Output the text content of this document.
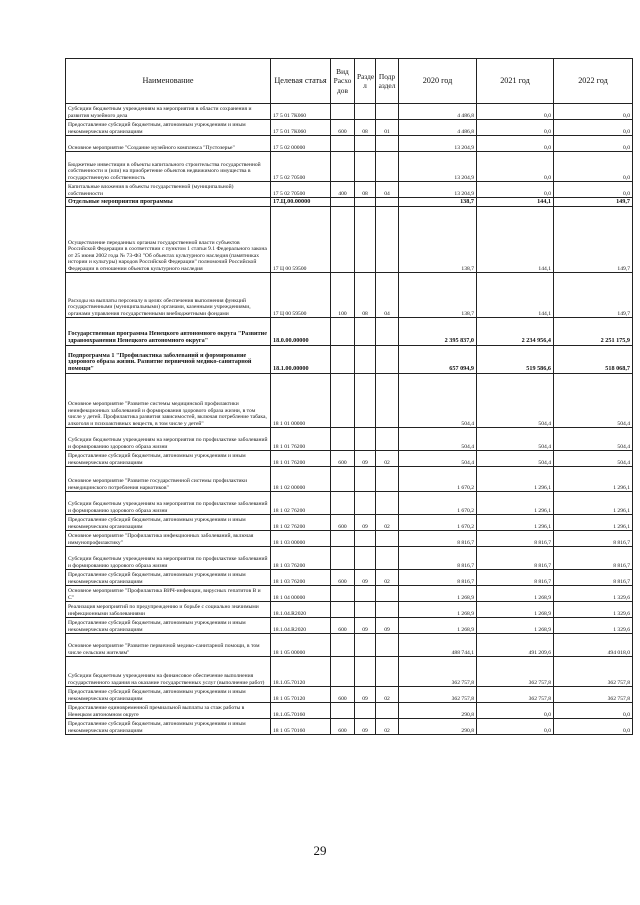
Наименование	Целевая статья	Вид Расхо дов	Разде л	Подр аздел	2020 год	2021 год	2022 год
Субсидии бюджетным учреждениям на мероприятия в области сохранения и развития музейного дела	17 5 01 7К060				4 486,8	0,0	0,0
Предоставление субсидий бюджетным, автономным учреждениям и иным некоммерческим организациям	17 5 01 7К060	600	08	01	4 486,8	0,0	0,0
Основное мероприятие "Создание музейного комплекса "Пустозерье"	17 5 02 00000				13 204,9	0,0	0,0
Бюджетные инвестиции в объекты капитального строительства государственной собственности и (или) на приобретение объектов недвижимого имущества в государственную собственность	17 5 02 70500				13 204,9	0,0	0,0
Капитальные вложения в объекты государственной (муниципальной) собственности	17 5 02 70500	400	08	04	13 204,9	0,0	0,0
Отдельные мероприятия программы	17.Ц.00.00000				138,7	144,1	149,7
Осуществление переданных органам государственной власти субъектов Российской Федерации в соответствии с пунктом 1 статьи 9.1 Федерального закона от 25 июня 2002 года № 73-ФЗ "Об объектах культурного наследия (памятниках истории и культуры) народов Российской Федерации" полномочий Российской Федерации в отношении объектов культурного наследия	17 Ц 00 59500				138,7	144,1	149,7
Расходы на выплаты персоналу в целях обеспечения выполнения функций государственными (муниципальными) органами, казенными учреждениями, органами управления государственными внебюджетными фондами	17 Ц 00 59500	100	08	04	138,7	144,1	149,7
Государственная программа Ненецкого автономного округа "Развитие здравоохранения Ненецкого автономного округа"	18.0.00.00000				2 395 837,0	2 234 956,4	2 251 175,9
Подпрограмма 1 "Профилактика заболеваний и формирование здорового образа жизни. Развитие первичной медико-санитарной помощи"	18.1.00.00000				657 094,9	519 586,6	518 068,7
Основное мероприятие "Развитие системы медицинской профилактики неинфекционных заболеваний и формирования здорового образа жизни, в том числе у детей. Профилактика развития зависимостей, включая потребление табака, алкоголя и психоактивных веществ, в том числе у детей"	18 1 01 00000				504,4	504,4	504,4
Субсидии бюджетным учреждениям на мероприятия по профилактике заболеваний и формированию здорового образа жизни	18 1 01 76200				504,4	504,4	504,4
Предоставление субсидий бюджетным, автономным учреждениям и иным некоммерческим организациям	18 1 01 76200	600	09	02	504,4	504,4	504,4
Основное мероприятие "Развитие государственной системы профилактики немедицинского потребления наркотиков"	18 1 02 00000				1 670,2	1 296,1	1 296,1
Субсидии бюджетным учреждениям на мероприятия по профилактике заболеваний и формированию здорового образа жизни	18 1 02 76200				1 670,2	1 296,1	1 296,1
Предоставление субсидий бюджетным, автономным учреждениям и иным некоммерческим организациям	18 1 02 76200	600	09	02	1 670,2	1 296,1	1 296,1
Основное мероприятие "Профилактика инфекционных заболеваний, включая иммунопрофилактику"	18 1 03 00000				8 816,7	8 816,7	8 816,7
Субсидии бюджетным учреждениям на мероприятия по профилактике заболеваний и формированию здорового образа жизни	18 1 03 76200				8 816,7	8 816,7	8 816,7
Предоставление субсидий бюджетным, автономным учреждениям и иным некоммерческим организациям	18 1 03 76200	600	09	02	8 816,7	8 816,7	8 816,7
Основное мероприятие "Профилактика ВИЧ-инфекции, вирусных гепатитов В и С"	18 1 04 00000				1 268,9	1 268,9	1 329,6
Реализация мероприятий по предупреждению и борьбе с социально значимыми инфекционными заболеваниями	18.1.04.R2020				1 268,9	1 268,9	1 329,6
Предоставление субсидий бюджетным, автономным учреждениям и иным некоммерческим организациям	18.1.04.R2020	600	09	09	1 268,9	1 268,9	1 329,6
Основное мероприятие "Развитие первичной медико-санитарной помощи, в том числе сельским жителям"	18 1 05 00000				488 744,1	491 209,6	494 018,0
Субсидии бюджетным учреждениям на финансовое обеспечение выполнения государственного задания на оказание государственных услуг (выполнение работ)	18.1.05.70120				362 757,8	362 757,8	362 757,8
Предоставление субсидий бюджетным, автономным учреждениям и иным некоммерческим организациям	18 1 05 70120	600	09	02	362 757,8	362 757,8	362 757,8
Предоставление единовременной премиальной выплаты за стаж работы в Ненецком автономном округе	18.1.05.70160				290,8	0,0	0,0
Предоставление субсидий бюджетным, автономным учреждениям и иным некоммерческим организациям	18 1 05 70160	600	09	02	290,8	0,0	0,0
29
